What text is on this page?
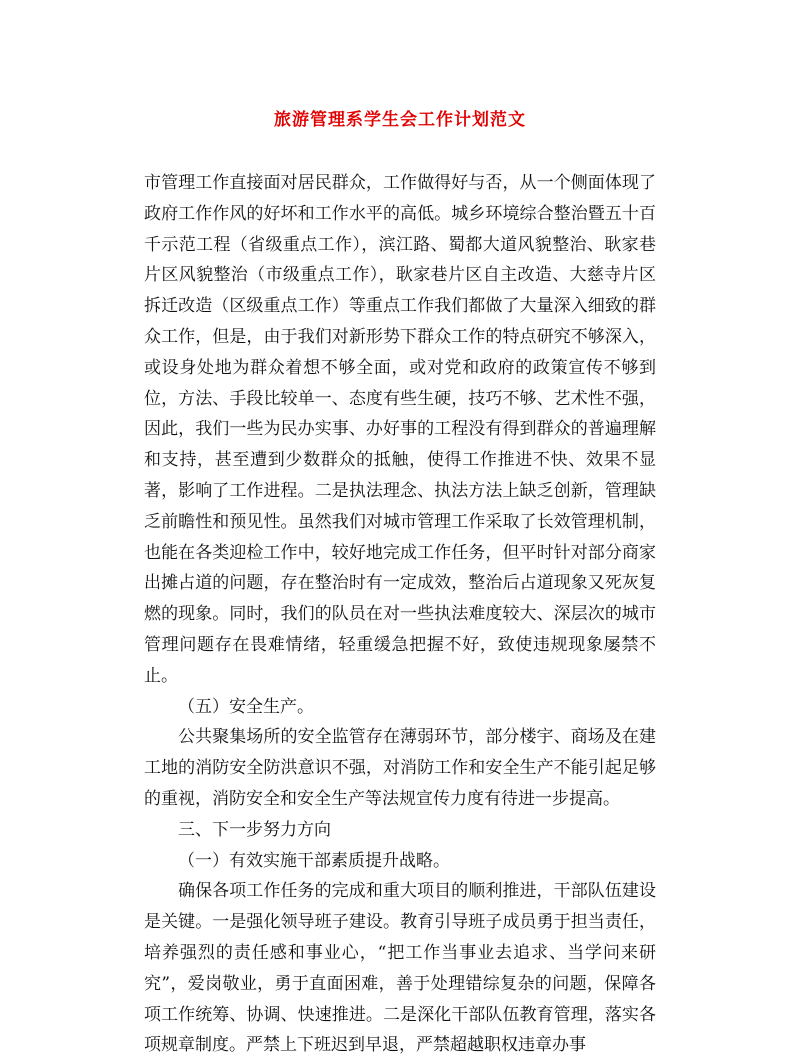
旅游管理系学生会工作计划范文

市管理工作直接面对居民群众，工作做得好与否，从一个侧面体现了政府工作作风的好坏和工作水平的高低。城乡环境综合整治暨五十百千示范工程（省级重点工作），滨江路、蜀都大道风貌整治、耿家巷片区风貌整治（市级重点工作），耿家巷片区自主改造、大慈寺片区拆迁改造（区级重点工作）等重点工作我们都做了大量深入细致的群众工作，但是，由于我们对新形势下群众工作的特点研究不够深入，或设身处地为群众着想不够全面，或对党和政府的政策宣传不够到位，方法、手段比较单一、态度有些生硬，技巧不够、艺术性不强，因此，我们一些为民办实事、办好事的工程没有得到群众的普遍理解和支持，甚至遭到少数群众的抵触，使得工作推进不快、效果不显著，影响了工作进程。二是执法理念、执法方法上缺乏创新，管理缺乏前瞻性和预见性。虽然我们对城市管理工作采取了长效管理机制，也能在各类迎检工作中，较好地完成工作任务，但平时针对部分商家出摊占道的问题，存在整治时有一定成效，整治后占道现象又死灰复燃的现象。同时，我们的队员在对一些执法难度较大、深层次的城市管理问题存在畏难情绪，轻重缓急把握不好，致使违规现象屡禁不止。

（五）安全生产。

公共聚集场所的安全监管存在薄弱环节，部分楼宇、商场及在建工地的消防安全防洪意识不强，对消防工作和安全生产不能引起足够的重视，消防安全和安全生产等法规宣传力度有待进一步提高。

三、下一步努力方向

（一）有效实施干部素质提升战略。

确保各项工作任务的完成和重大项目的顺利推进，干部队伍建设是关键。一是强化领导班子建设。教育引导班子成员勇于担当责任，培养强烈的责任感和事业心，“把工作当事业去追求、当学问来研究”，爱岗敬业，勇于直面困难，善于处理错综复杂的问题，保障各项工作统筹、协调、快速推进。二是深化干部队伍教育管理，落实各项规章制度。严禁上下班迟到早退，严禁超越职权违章办事
